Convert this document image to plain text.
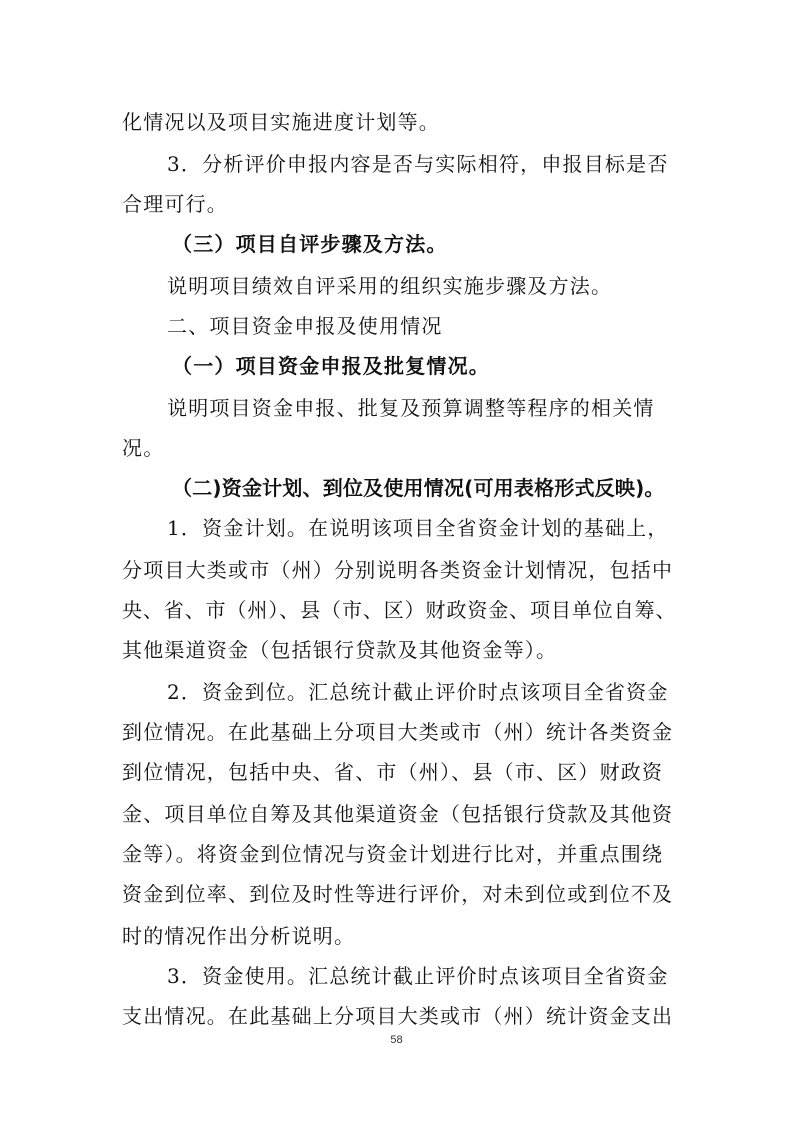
化情况以及项目实施进度计划等。
3．分析评价申报内容是否与实际相符，申报目标是否
合理可行。
（三）项目自评步骤及方法。
说明项目绩效自评采用的组织实施步骤及方法。
二、项目资金申报及使用情况
（一）项目资金申报及批复情况。
说明项目资金申报、批复及预算调整等程序的相关情
况。
（二)资金计划、到位及使用情况(可用表格形式反映)。
1．资金计划。在说明该项目全省资金计划的基础上，
分项目大类或市（州）分别说明各类资金计划情况，包括中
央、省、市（州）、县（市、区）财政资金、项目单位自筹、
其他渠道资金（包括银行贷款及其他资金等）。
2．资金到位。汇总统计截止评价时点该项目全省资金
到位情况。在此基础上分项目大类或市（州）统计各类资金
到位情况，包括中央、省、市（州）、县（市、区）财政资
金、项目单位自筹及其他渠道资金（包括银行贷款及其他资
金等）。将资金到位情况与资金计划进行比对，并重点围绕
资金到位率、到位及时性等进行评价，对未到位或到位不及
时的情况作出分析说明。
3．资金使用。汇总统计截止评价时点该项目全省资金
支出情况。在此基础上分项目大类或市（州）统计资金支出
58
